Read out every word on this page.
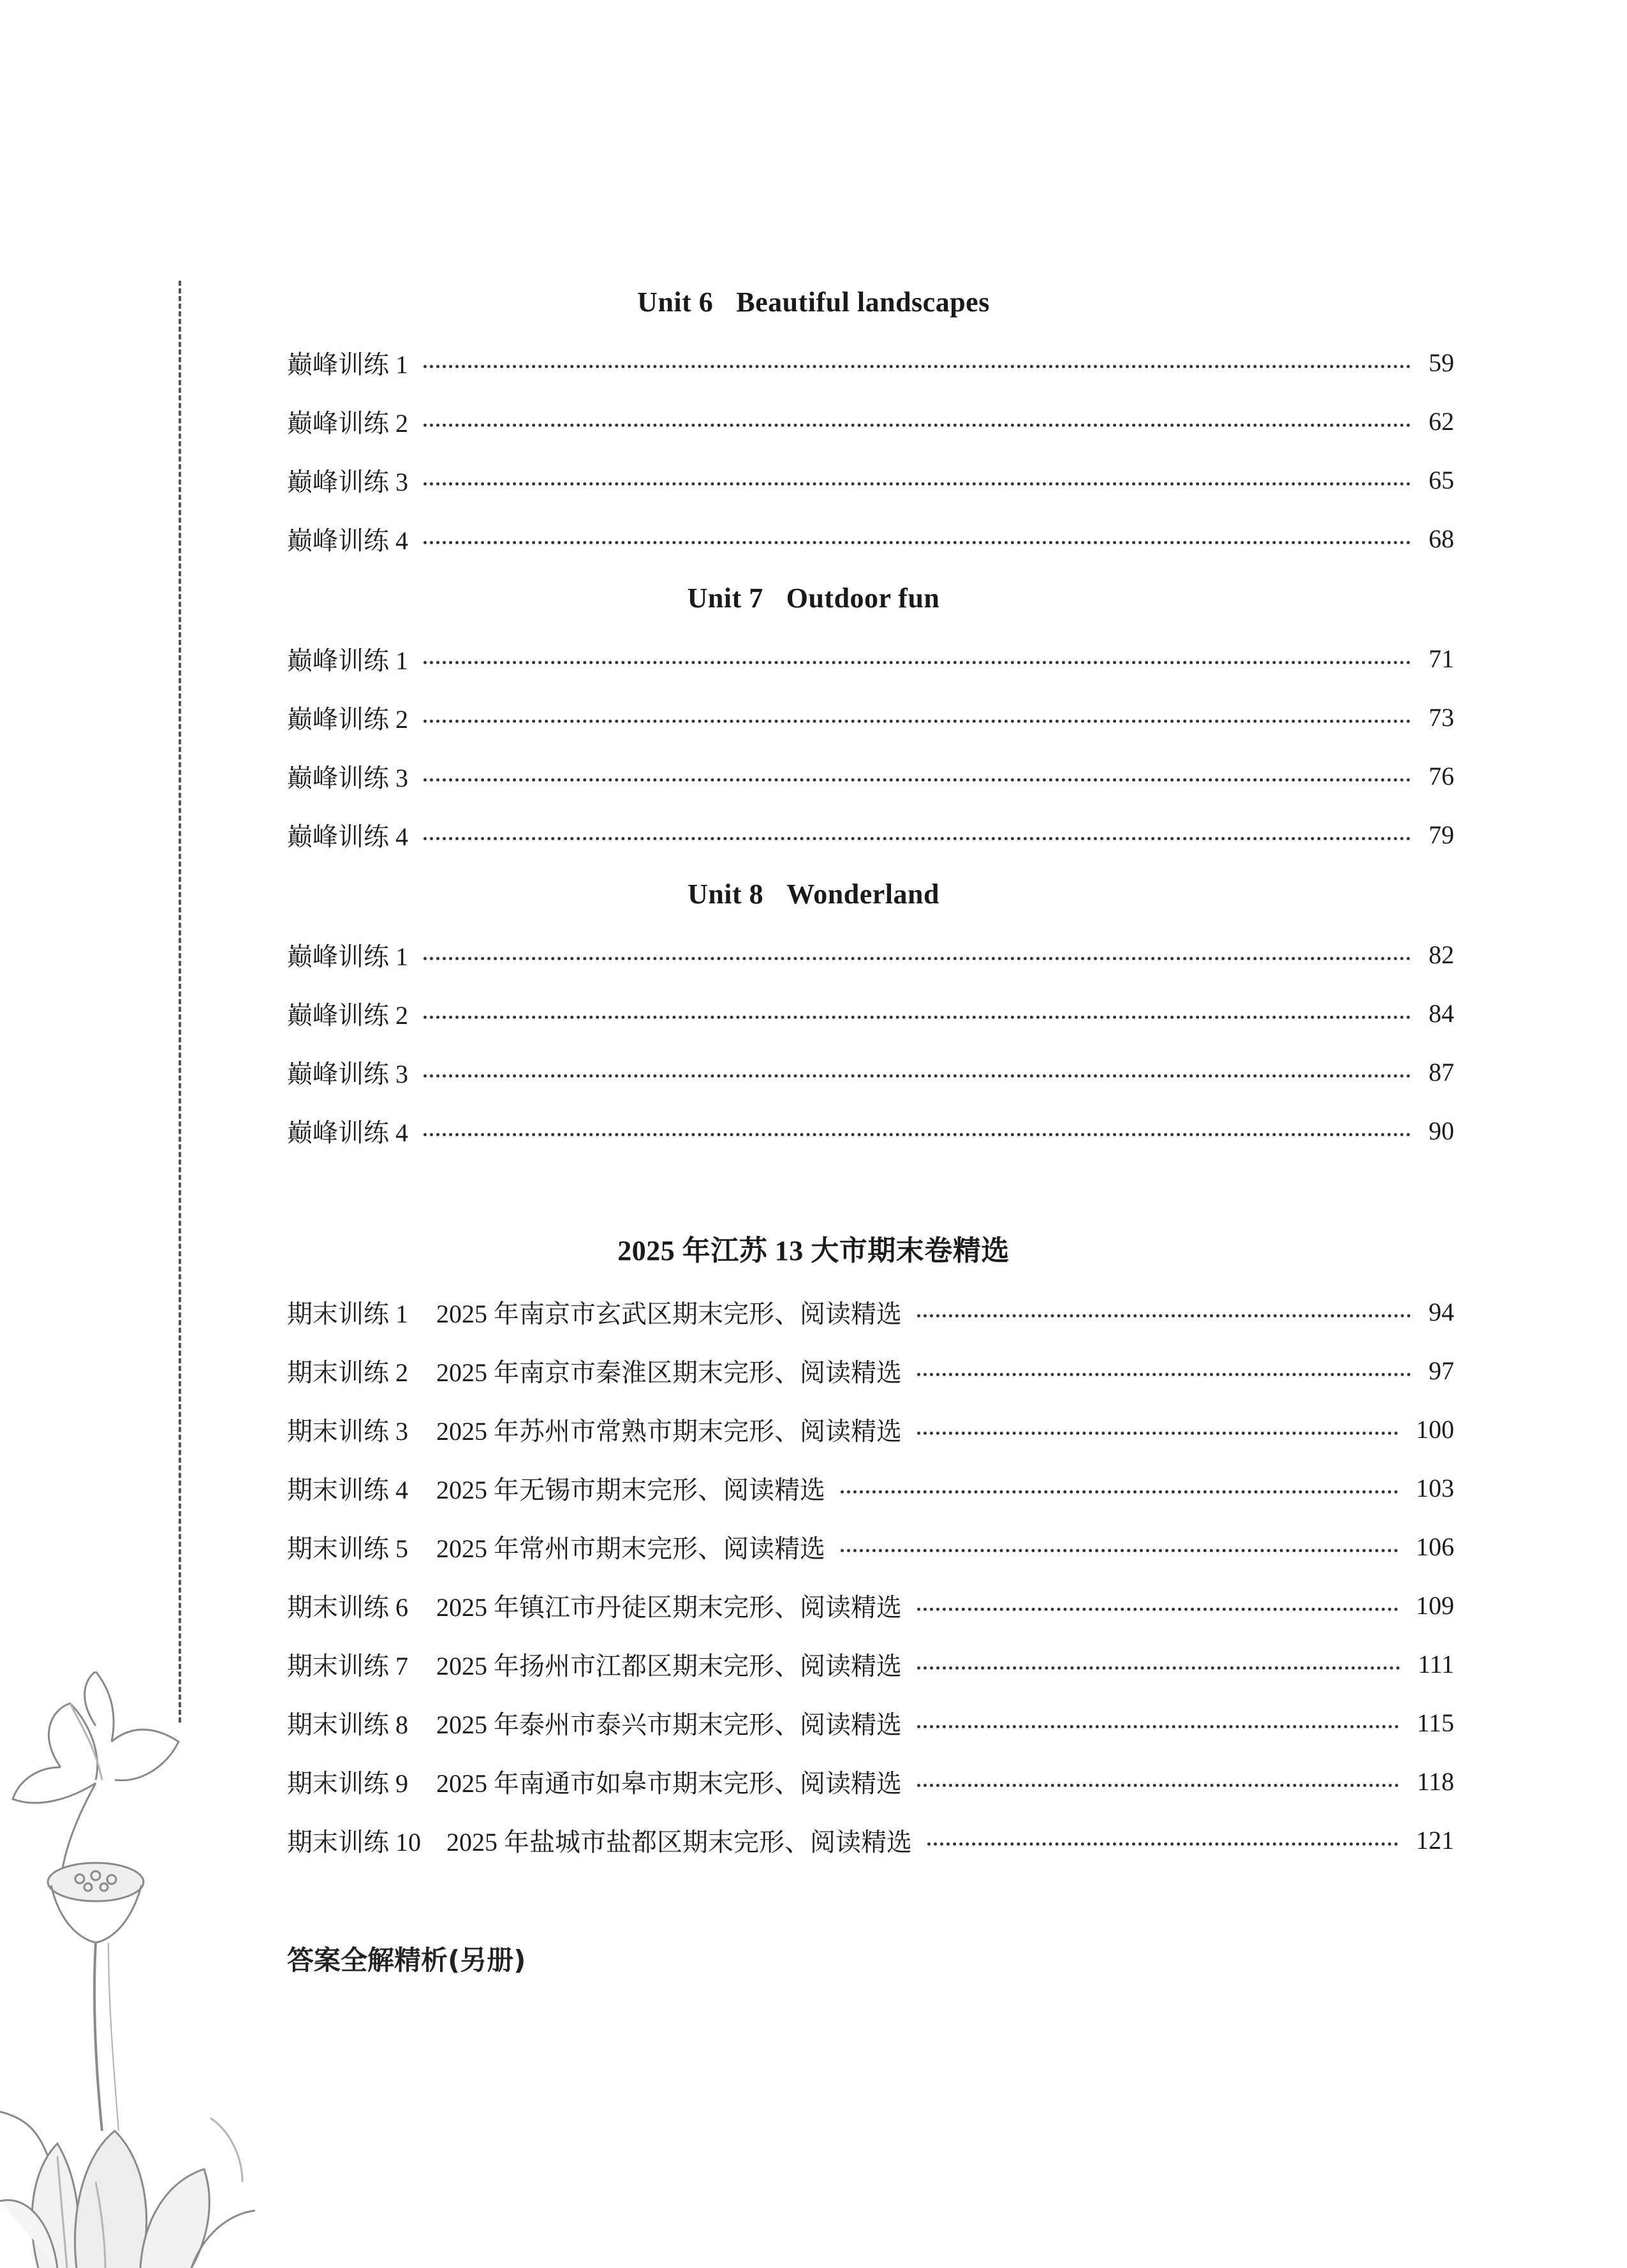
Unit 6 Beautiful landscapes
巅峰训练 1	59
巅峰训练 2	62
巅峰训练 3	65
巅峰训练 4	68
Unit 7 Outdoor fun
巅峰训练 1	71
巅峰训练 2	73
巅峰训练 3	76
巅峰训练 4	79
Unit 8 Wonderland
巅峰训练 1	82
巅峰训练 2	84
巅峰训练 3	87
巅峰训练 4	90
2025 年江苏 13 大市期末卷精选
期末训练 1 2025 年南京市玄武区期末完形、阅读精选	94
期末训练 2 2025 年南京市秦淮区期末完形、阅读精选	97
期末训练 3 2025 年苏州市常熟市期末完形、阅读精选	100
期末训练 4 2025 年无锡市期末完形、阅读精选	103
期末训练 5 2025 年常州市期末完形、阅读精选	106
期末训练 6 2025 年镇江市丹徒区期末完形、阅读精选	109
期末训练 7 2025 年扬州市江都区期末完形、阅读精选	111
期末训练 8 2025 年泰州市泰兴市期末完形、阅读精选	115
期末训练 9 2025 年南通市如皋市期末完形、阅读精选	118
期末训练 10 2025 年盐城市盐都区期末完形、阅读精选	121
答案全解精析(另册)
